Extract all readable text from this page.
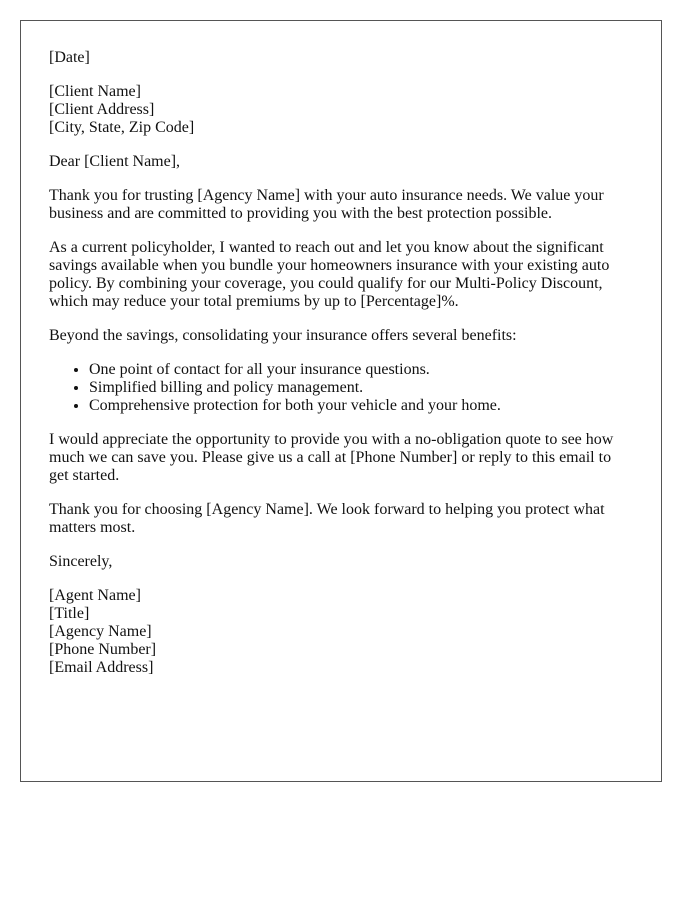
[Date]

[Client Name]
[Client Address]
[City, State, Zip Code]

Dear [Client Name],

Thank you for trusting [Agency Name] with your auto insurance needs. We value your business and are committed to providing you with the best protection possible.

As a current policyholder, I wanted to reach out and let you know about the significant savings available when you bundle your homeowners insurance with your existing auto policy. By combining your coverage, you could qualify for our Multi-Policy Discount, which may reduce your total premiums by up to [Percentage]%.

Beyond the savings, consolidating your insurance offers several benefits:

• One point of contact for all your insurance questions.
• Simplified billing and policy management.
• Comprehensive protection for both your vehicle and your home.

I would appreciate the opportunity to provide you with a no-obligation quote to see how much we can save you. Please give us a call at [Phone Number] or reply to this email to get started.

Thank you for choosing [Agency Name]. We look forward to helping you protect what matters most.

Sincerely,

[Agent Name]
[Title]
[Agency Name]
[Phone Number]
[Email Address]
